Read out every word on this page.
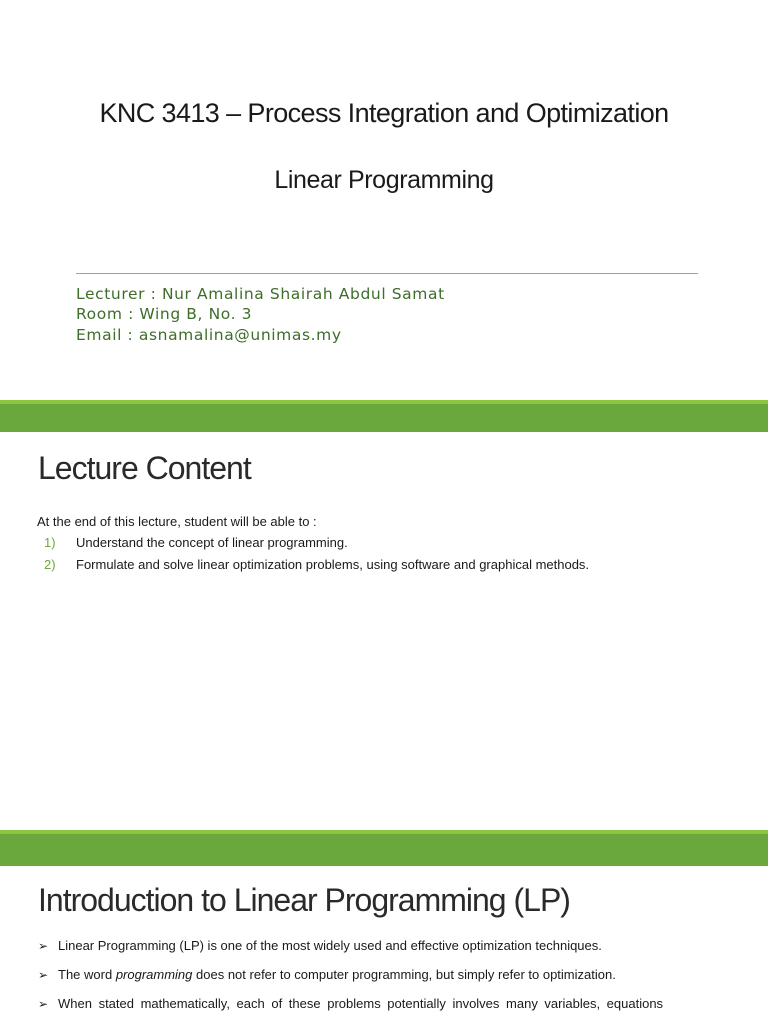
KNC 3413 – Process Integration and Optimization
Linear Programming
Lecturer : Nur Amalina Shairah Abdul Samat
Room : Wing B, No. 3
Email : asnamalina@unimas.my
Lecture Content
At the end of this lecture, student will be able to :
1) Understand the concept of linear programming.
2) Formulate and solve linear optimization problems, using software and graphical methods.
Introduction to Linear Programming (LP)
➢ Linear Programming (LP) is one of the most widely used and effective optimization techniques.
➢ The word programming does not refer to computer programming, but simply refer to optimization.
➢ When stated mathematically, each of these problems potentially involves many variables, equations
